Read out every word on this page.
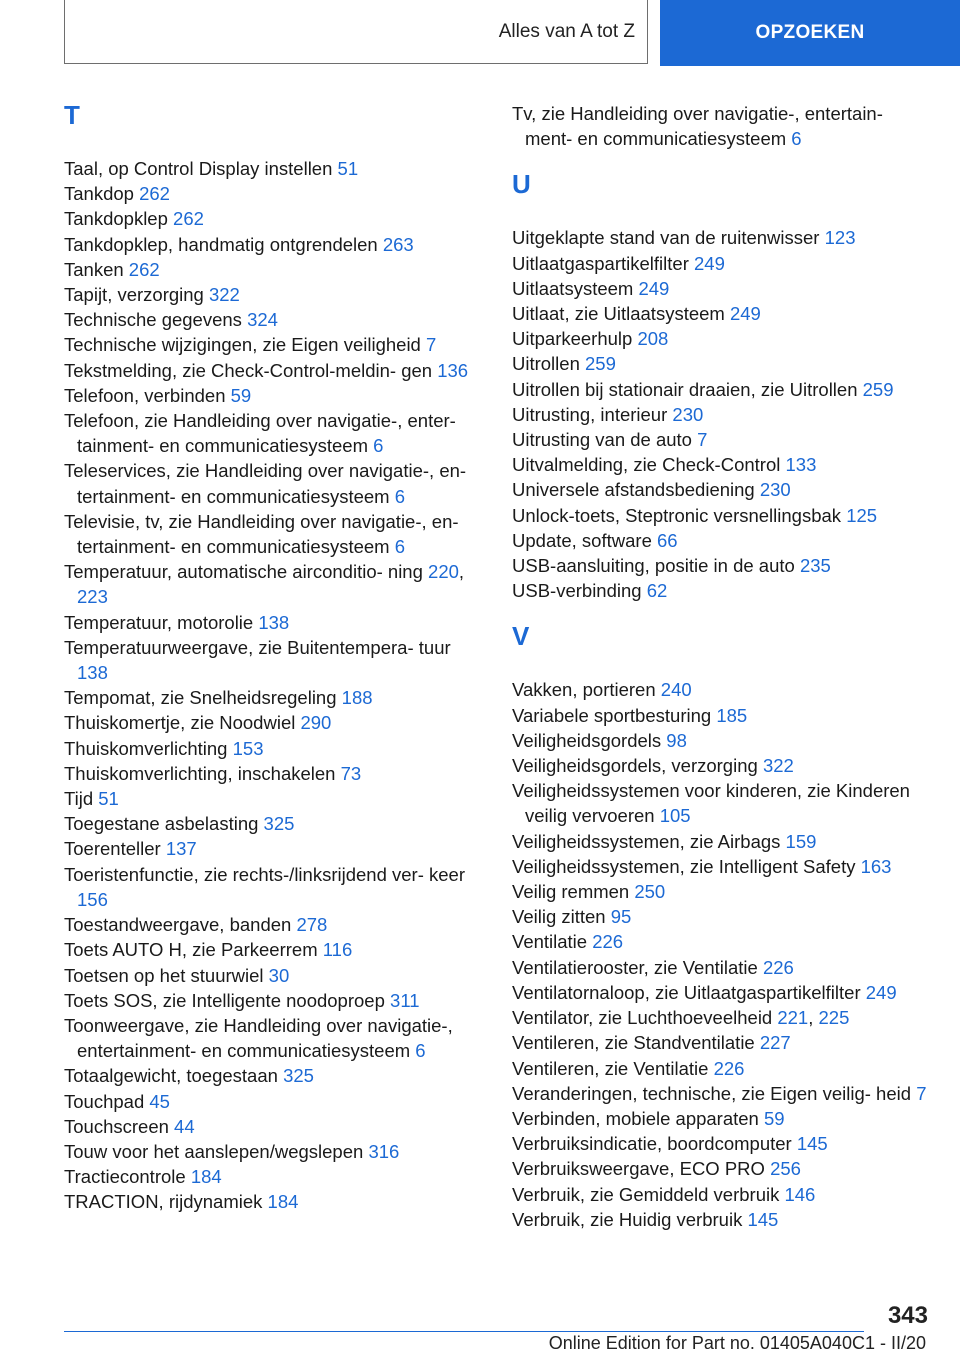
Alles van A tot Z	OPZOEKEN
T
Taal, op Control Display instellen 51
Tankdop 262
Tankdopklep 262
Tankdopklep, handmatig ontgrendelen 263
Tanken 262
Tapijt, verzorging 322
Technische gegevens 324
Technische wijzigingen, zie Eigen veiligheid 7
Tekstmelding, zie Check-Control-meldin‐ gen 136
Telefoon, verbinden 59
Telefoon, zie Handleiding over navigatie-, enter‐ tainment- en communicatiesysteem 6
Teleservices, zie Handleiding over navigatie-, en‐ tertainment- en communicatiesysteem 6
Televisie, tv, zie Handleiding over navigatie-, en‐ tertainment- en communicatiesysteem 6
Temperatuur, automatische airconditio‐ ning 220, 223
Temperatuur, motorolie 138
Temperatuurweergave, zie Buitentempera‐ tuur 138
Tempomat, zie Snelheidsregeling 188
Thuiskomertje, zie Noodwiel 290
Thuiskomverlichting 153
Thuiskomverlichting, inschakelen 73
Tijd 51
Toegestane asbelasting 325
Toerenteller 137
Toeristenfunctie, zie rechts-/linksrijdend ver‐ keer 156
Toestandweergave, banden 278
Toets AUTO H, zie Parkeerrem 116
Toetsen op het stuurwiel 30
Toets SOS, zie Intelligente noodoproep 311
Toonweergave, zie Handleiding over navigatie-, entertainment- en communicatiesysteem 6
Totaalgewicht, toegestaan 325
Touchpad 45
Touchscreen 44
Touw voor het aanslepen/wegslepen 316
Tractiecontrole 184
TRACTION, rijdynamiek 184
Tv, zie Handleiding over navigatie-, entertain‐ ment- en communicatiesysteem 6
U
Uitgeklapte stand van de ruitenwisser 123
Uitlaatgaspartikelfilter 249
Uitlaatsysteem 249
Uitlaat, zie Uitlaatsysteem 249
Uitparkeerhulp 208
Uitrollen 259
Uitrollen bij stationair draaien, zie Uitrollen 259
Uitrusting, interieur 230
Uitrusting van de auto 7
Uitvalmelding, zie Check-Control 133
Universele afstandsbediening 230
Unlock-toets, Steptronic versnellingsbak 125
Update, software 66
USB-aansluiting, positie in de auto 235
USB-verbinding 62
V
Vakken, portieren 240
Variabele sportbesturing 185
Veiligheidsgordels 98
Veiligheidsgordels, verzorging 322
Veiligheidssystemen voor kinderen, zie Kinderen veilig vervoeren 105
Veiligheidssystemen, zie Airbags 159
Veiligheidssystemen, zie Intelligent Safety 163
Veilig remmen 250
Veilig zitten 95
Ventilatie 226
Ventilatierooster, zie Ventilatie 226
Ventilatornaloop, zie Uitlaatgaspartikelfilter 249
Ventilator, zie Luchthoeveelheid 221, 225
Ventileren, zie Standventilatie 227
Ventileren, zie Ventilatie 226
Veranderingen, technische, zie Eigen veilig‐ heid 7
Verbinden, mobiele apparaten 59
Verbruiksindicatie, boordcomputer 145
Verbruiksweergave, ECO PRO 256
Verbruik, zie Gemiddeld verbruik 146
Verbruik, zie Huidig verbruik 145
343
Online Edition for Part no. 01405A040C1 - II/20
